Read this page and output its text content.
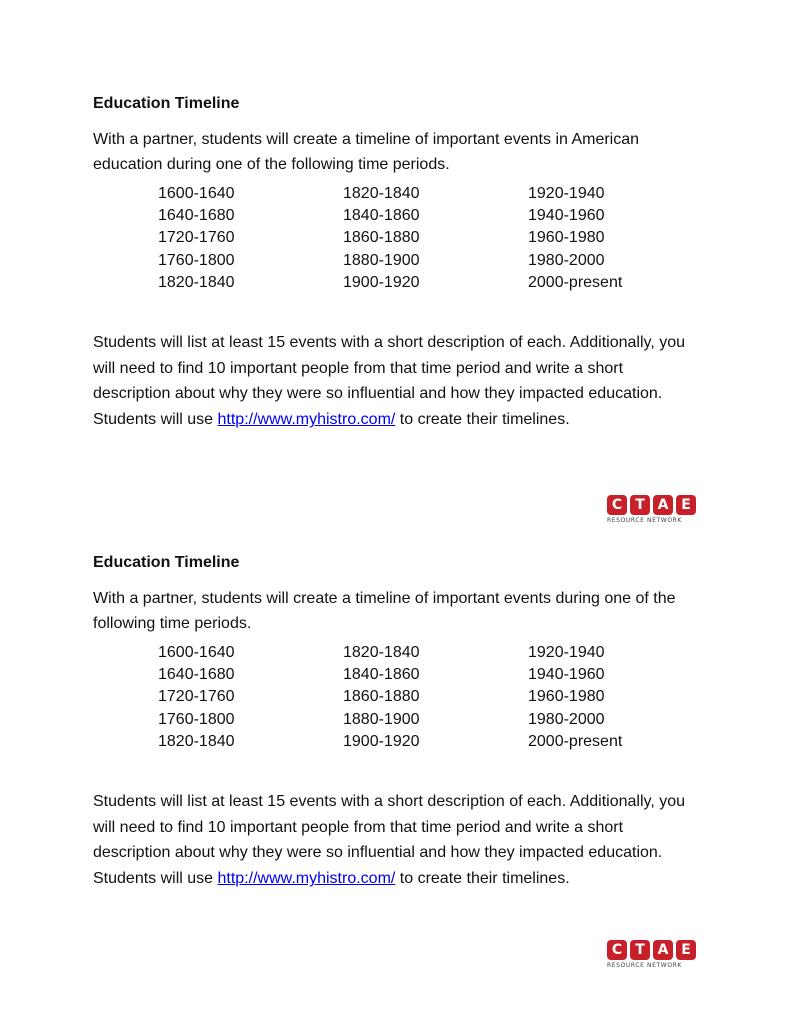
Education Timeline

With a partner, students will create a timeline of important events in American education during one of the following time periods.

1600-1640
1640-1680
1720-1760
1760-1800
1820-1840
1820-1840
1840-1860
1860-1880
1880-1900
1900-1920
1920-1940
1940-1960
1960-1980
1980-2000
2000-present

Students will list at least 15 events with a short description of each. Additionally, you will need to find 10 important people from that time period and write a short description about why they were so influential and how they impacted education. Students will use http://www.myhistro.com/ to create their timelines.

C T A E
RESOURCE NETWORK

Education Timeline

With a partner, students will create a timeline of important events during one of the following time periods.

1600-1640
1640-1680
1720-1760
1760-1800
1820-1840
1820-1840
1840-1860
1860-1880
1880-1900
1900-1920
1920-1940
1940-1960
1960-1980
1980-2000
2000-present

Students will list at least 15 events with a short description of each. Additionally, you will need to find 10 important people from that time period and write a short description about why they were so influential and how they impacted education. Students will use http://www.myhistro.com/ to create their timelines.

C T A E
RESOURCE NETWORK
